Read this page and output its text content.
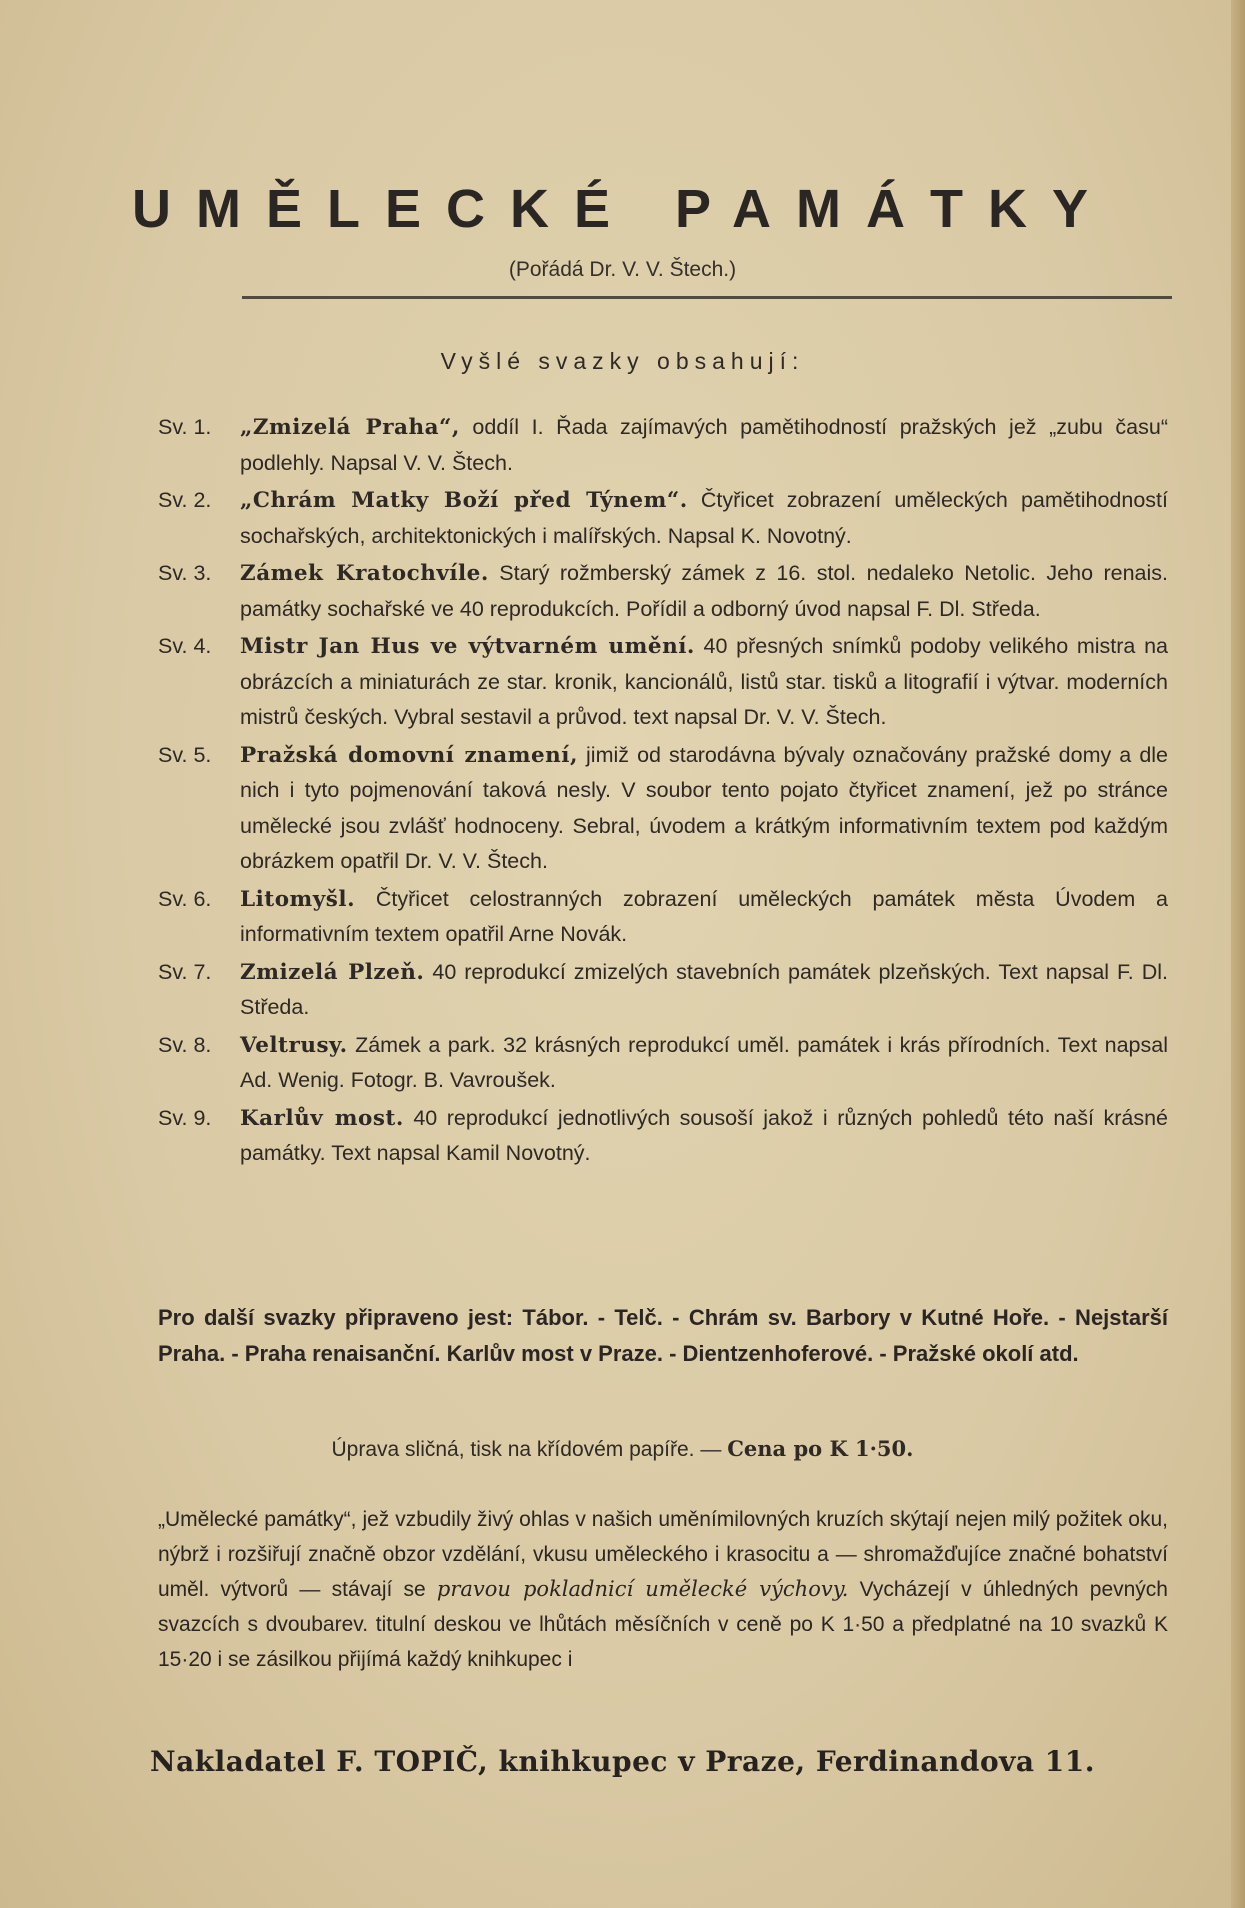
UMĚLECKÉ PAMÁTKY
(Pořádá Dr. V. V. Štech.)
Vyšlé svazky obsahují:
Sv. 1.	„Zmizelá Praha“, oddíl I. Řada zajímavých pamětihodností pražských jež „zubu času“ podlehly. Napsal V. V. Štech.
Sv. 2.	„Chrám Matky Boží před Týnem“. Čtyřicet zobrazení uměleckých pamětihodností sochařských, architektonických i malířských. Napsal K. Novotný.
Sv. 3.	Zámek Kratochvíle. Starý rožmberský zámek z 16. stol. nedaleko Netolic. Jeho renais. památky sochařské ve 40 reprodukcích. Pořídil a odborný úvod napsal F. Dl. Středa.
Sv. 4.	Mistr Jan Hus ve výtvarném umění. 40 přesných snímků podoby velikého mistra na obrázcích a miniaturách ze star. kronik, kancionálů, listů star. tisků a litografií i výtvar. moderních mistrů českých. Vybral sestavil a průvod. text napsal Dr. V. V. Štech.
Sv. 5.	Pražská domovní znamení, jimiž od starodávna bývaly označovány pražské domy a dle nich i tyto pojmenování taková nesly. V soubor tento pojato čtyřicet znamení, jež po stránce umělecké jsou zvlášť hodnoceny. Sebral, úvodem a krátkým informativním textem pod každým obrázkem opatřil Dr. V. V. Štech.
Sv. 6.	Litomyšl. Čtyřicet celostranných zobrazení uměleckých památek města Úvodem a informativním textem opatřil Arne Novák.
Sv. 7.	Zmizelá Plzeň. 40 reprodukcí zmizelých stavebních památek plzeňských. Text napsal F. Dl. Středa.
Sv. 8.	Veltrusy. Zámek a park. 32 krásných reprodukcí uměl. památek i krás přírodních. Text napsal Ad. Wenig. Fotogr. B. Vavroušek.
Sv. 9.	Karlův most. 40 reprodukcí jednotlivých sousoší jakož i různých pohledů této naší krásné památky. Text napsal Kamil Novotný.
Pro další svazky připraveno jest: Tábor. - Telč. - Chrám sv. Barbory v Kutné Hoře. - Nejstarší Praha. - Praha renaisanční. Karlův most v Praze. - Dientzenhoferové. - Pražské okolí atd.
Úprava sličná, tisk na křídovém papíře. — Cena po K 1·50.
„Umělecké památky“, jež vzbudily živý ohlas v našich uměnímilovných kruzích skýtají nejen milý požitek oku, nýbrž i rozšiřují značně obzor vzdělání, vkusu uměleckého i krasocitu a — shromažďujíce značné bohatství uměl. výtvorů — stávají se pravou pokladnicí umělecké výchovy. Vycházejí v úhledných pevných svazcích s dvoubarev. titulní deskou ve lhůtách měsíčních v ceně po K 1·50 a předplatné na 10 svazků K 15·20 i se zásilkou přijímá každý knihkupec i
Nakladatel F. TOPIČ, knihkupec v Praze, Ferdinandova 11.
